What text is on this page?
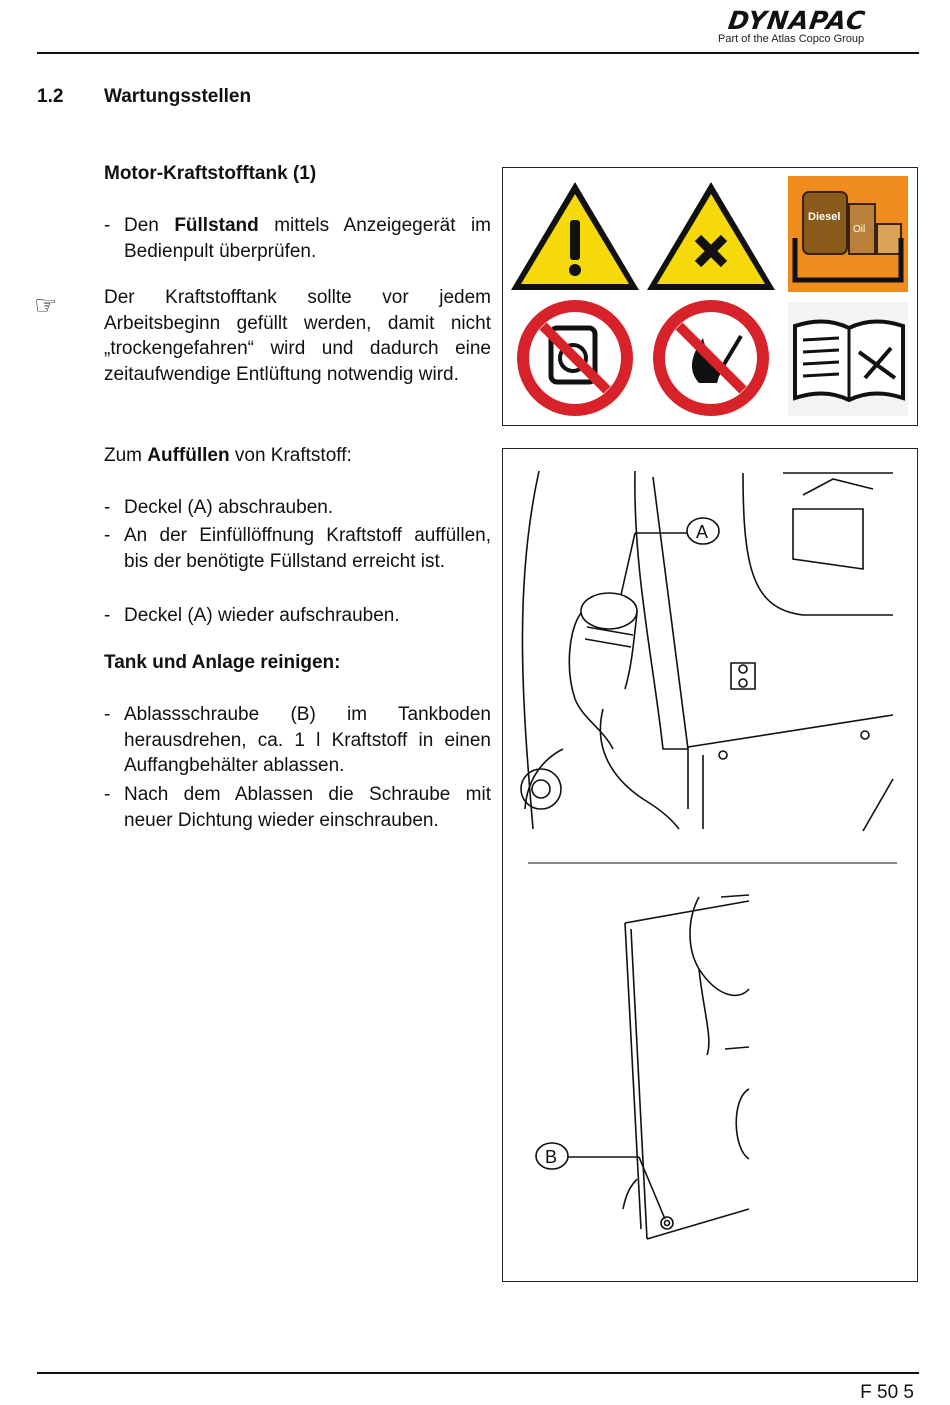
DYNAPAC
Part of the Atlas Copco Group
1.2 Wartungsstellen
Motor-Kraftstofftank (1)
- Den Füllstand mittels Anzeigegerät im Bedienpult überprüfen.
☞ Der Kraftstofftank sollte vor jedem Arbeitsbeginn gefüllt werden, damit nicht „trockengefahren“ wird und dadurch eine zeitaufwendige Entlüftung notwendig wird.
Zum Auffüllen von Kraftstoff:
- Deckel (A) abschrauben.
- An der Einfüllöffnung Kraftstoff auffüllen, bis der benötigte Füllstand erreicht ist.
- Deckel (A) wieder aufschrauben.
Tank und Anlage reinigen:
- Ablassschraube (B) im Tankboden herausdrehen, ca. 1 l Kraftstoff in einen Auffangbehälter ablassen.
- Nach dem Ablassen die Schraube mit neuer Dichtung wieder einschrauben.
Diesel
Oil
A
B
F 50 5
